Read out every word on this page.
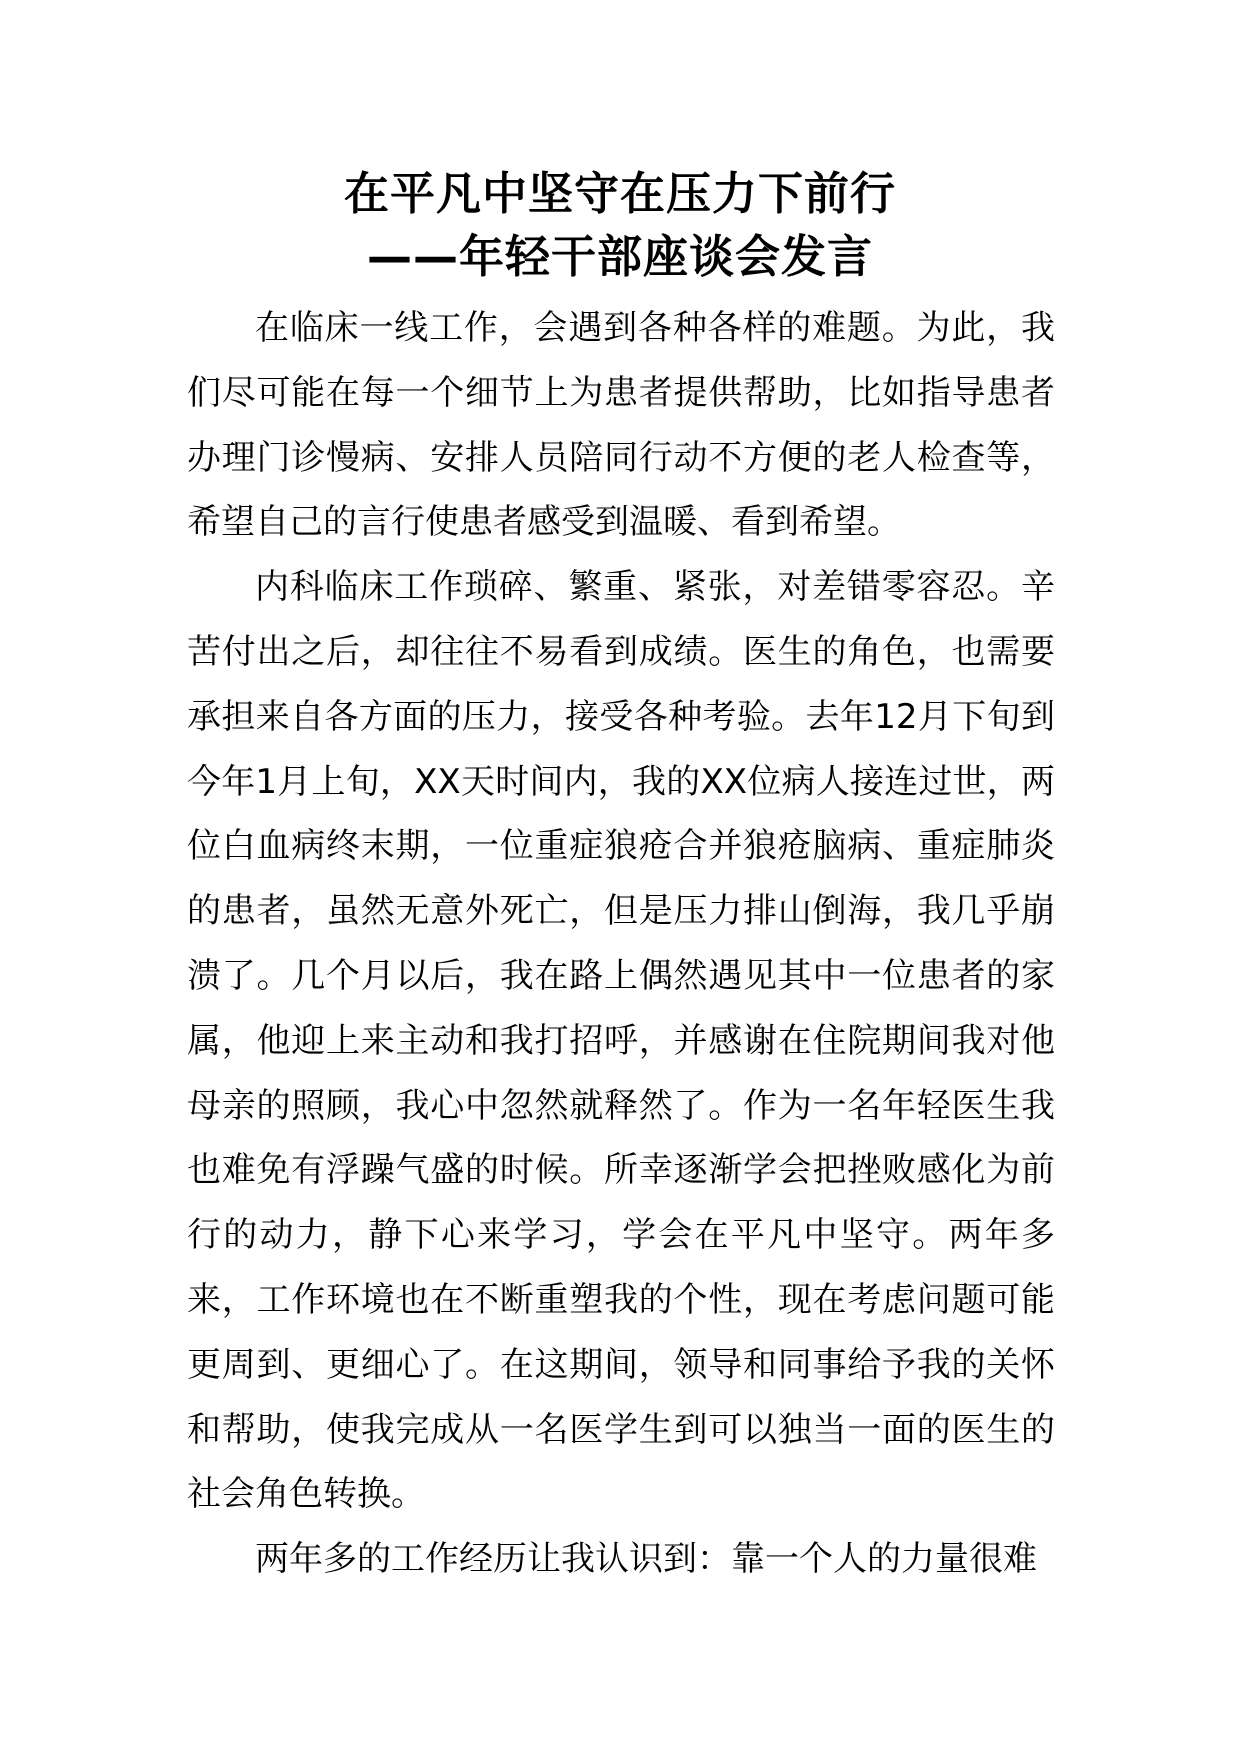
在平凡中坚守在压力下前行
——年轻干部座谈会发言

在临床一线工作，会遇到各种各样的难题。为此，我们尽可能在每一个细节上为患者提供帮助，比如指导患者办理门诊慢病、安排人员陪同行动不方便的老人检查等，希望自己的言行使患者感受到温暖、看到希望。

内科临床工作琐碎、繁重、紧张，对差错零容忍。辛苦付出之后，却往往不易看到成绩。医生的角色，也需要承担来自各方面的压力，接受各种考验。去年12月下旬到今年1月上旬，XX天时间内，我的XX位病人接连过世，两位白血病终末期，一位重症狼疮合并狼疮脑病、重症肺炎的患者，虽然无意外死亡，但是压力排山倒海，我几乎崩溃了。几个月以后，我在路上偶然遇见其中一位患者的家属，他迎上来主动和我打招呼，并感谢在住院期间我对他母亲的照顾，我心中忽然就释然了。作为一名年轻医生我也难免有浮躁气盛的时候。所幸逐渐学会把挫败感化为前行的动力，静下心来学习，学会在平凡中坚守。两年多来，工作环境也在不断重塑我的个性，现在考虑问题可能更周到、更细心了。在这期间，领导和同事给予我的关怀和帮助，使我完成从一名医学生到可以独当一面的医生的社会角色转换。

两年多的工作经历让我认识到：靠一个人的力量很难
